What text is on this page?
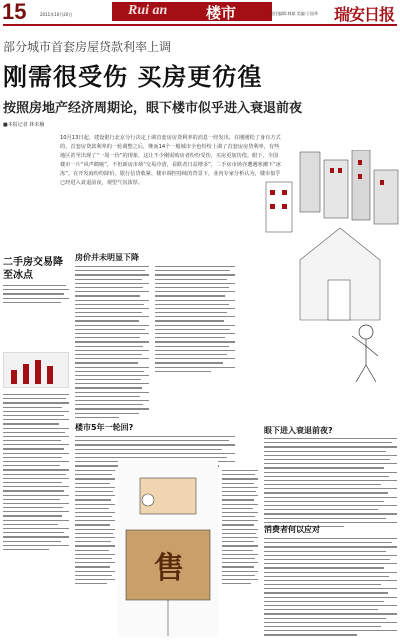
15	2011年10月20日	Rui an	楼市	责任编辑:林斌 美编:于国华 瑞安日报
部分城市首套房屋贷款利率上调
刚需很受伤 买房更彷徨
按照房地产经济周期论，眼下楼市似乎进入衰退前夜
■本报记者 林未楠
10月13日起，建设银行北京分行决定上调首套房房贷利率的消息一经发出，在刚刚松了身有方式的，首套房贷款利率的一轮调整之后，继而14个一般城市全也纷纷上调了首套房房贷利率，有些地区甚至出现了“一周一价”的现象，这让不少刚需购房者纷纷受伤，买房更加彷徨。眼下，全国楼市一片“风声鹤唳”，不但新房市场“交易冷清，看跌者日益增多”，二手房市场亦遭遇寒潮下“冰冻”。在开发商纷纷降价、银行信贷收紧、楼市调控持续的背景下，业内专家分析认为，楼市似乎已经进入衰退前夜，观望气氛浓厚。
售
二手房交易降至冰点
房价并未明显下降
楼市5年一轮回?	眼下进入衰退前夜?
消费者何以应对
